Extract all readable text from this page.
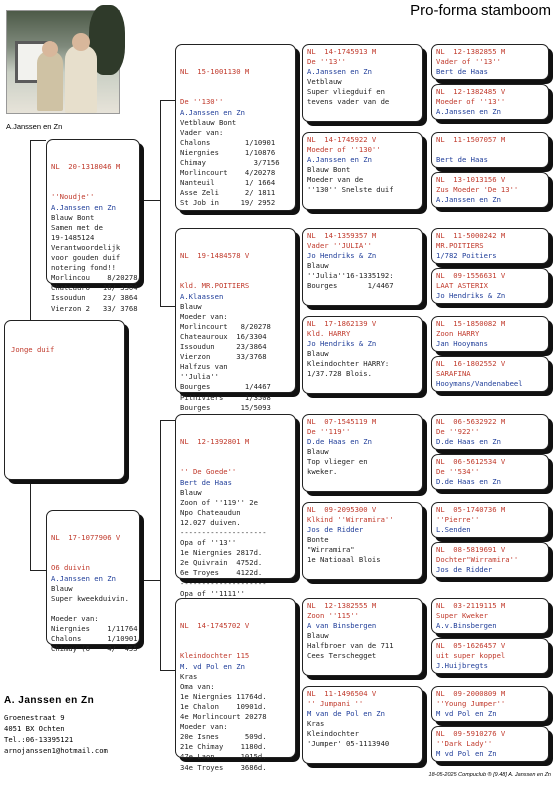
Pro-forma stamboom
A.Janssen en Zn

Jonge duif

NL  20-1318046 M

''Noudje''
A.Janssen en Zn
Blauw Bont
Samen met de
19-1485124
Verantwoordelijk
voor gouden duif
notering fond!!
Morlincou    8/20278
Chateauro   16/ 3304
Issoudun    23/ 3864
Vierzon 2   33/ 3768

NL  17-1077906 V

O6 duivin
A.Janssen en Zn
Blauw
Super kweekduivin.

Moeder van:
Niergnies    1/11764
Chalons      1/10901
Chimay (6    4/  455

NL  15-1001130 M

De ''130''
A.Janssen en Zn
Vetblauw Bont
Vader van:
Chalons        1/10901
Niergnies      1/10876
Chimay           3/7156
Morlincourt    4/20278
Nanteuil       1/ 1664
Asse Zeli      2/ 1811
St Job in     19/ 2952

NL  19-1484578 V

Kld. MR.POITIERS
A.Klaassen
Blauw
Moeder van:
Morlincourt   8/20278
Chateauroux  16/3304
Issoudun     23/3864
Vierzon      33/3768
Halfzus van
''Julia''
Bourges        1/4467
Pithiviers     1/3508
Bourges       15/5093

NL  12-1392801 M

'' De Goede''
Bert de Haas
Blauw
Zoon of ''119'' 2e
Npo Chateaudun
12.027 duiven.
--------------------
Opa of ''13''
1e Niergnies 2817d.
2e Quivrain  4752d.
6e Troyes    4122d.
--------------------
Opa of ''1111''

NL  14-1745702 V

Kleindochter 115
M. vd Pol en Zn
Kras
Oma van:
1e Niergnies 11764d.
1e Chalon    10901d.
4e Morlincourt 20278
Moeder van:
20e Isnes      509d.
21e Chimay    1180d.
47e Laon      1015d.
34e Troyes    3686d.

NL  14-1745913 M
De ''13''
A.Janssen en Zn
Vetblauw
Super vliegduif en
tevens vader van de
NL  14-1745922 V
Moeder of ''130''
A.Janssen en Zn
Blauw Bont
Moeder van de
''130'' Snelste duif
NL  14-1359357 M
Vader ''JULIA''
Jo Hendriks & Zn
Blauw
''Julia''16-1335192:
Bourges       1/4467
NL  17-1862139 V
Kld. HARRY
Jo Hendriks & Zn
Blauw
Kleindochter HARRY:
1/37.728 Blois.
NL  07-1545119 M
De ''119''
D.de Haas en Zn
Blauw
Top vlieger en
kweker.
NL  09-2095300 V
Klkind ''Wirramira''
Jos de Ridder
Bonte
"Wirramira"
1e Natioaal Blois
NL  12-1382555 M
Zoon ''115''
A van Binsbergen
Blauw
Halfbroer van de 711
Cees Terschegget
NL  11-1496504 V
'' Jumpani ''
M van de Pol en Zn
Kras
Kleindochter
'Jumper' 05-1113940
NL  12-1382855 M
Vader of ''13''
Bert de Haas
NL  12-1382485 V
Moeder of ''13''
A.Janssen en Zn
NL  11-1507057 M

Bert de Haas
NL  13-1013156 V
Zus Moeder 'De 13''
A.Janssen en Zn
NL  11-5000242 M
MR.POITIERS
1/782 Poitiers
NL  09-1556631 V
LAAT ASTERIX
Jo Hendriks & Zn
NL  15-1850082 M
Zoon HARRY
Jan Hooymans
NL  16-1802552 V
SARAFINA
Hooymans/Vandenabeel
NL  06-5632922 M
De ''922''
D.de Haas en Zn
NL  06-5612534 V
De ''534''
D.de Haas en Zn
NL  05-1740736 M
''Pierre''
L.Senden
NL  08-5819691 V
Dochter"Wirramira''
Jos de Ridder
NL  03-2119115 M
Super Kweker
A.v.Binsbergen
NL  05-1626457 V
uit super koppel
J.Huijbregts
NL  09-2000809 M
''Young Jumper''
M vd Pol en Zn
NL  09-5910276 V
''Dark Lady''
M vd Pol en Zn
A. Janssen en Zn
Groenestraat 9
4051 BX Ochten
Tel.:06-13395121
arnojanssen1@hotmail.com
18-05-2025 Compuclub ® [9.48] A. Janssen en Zn
